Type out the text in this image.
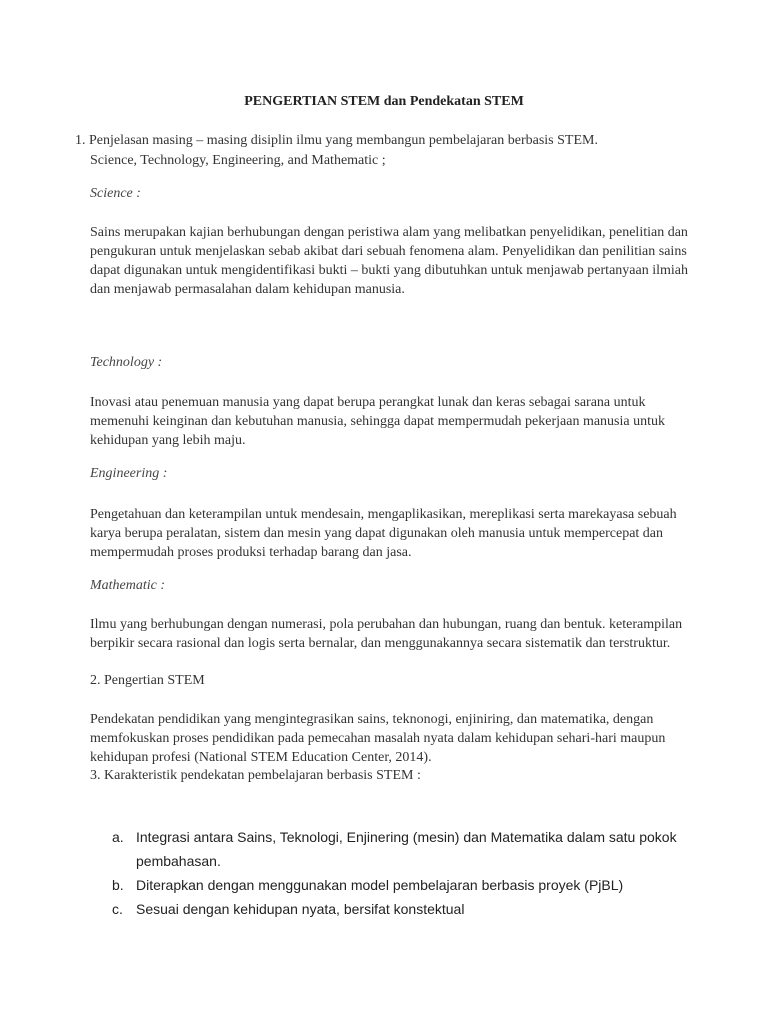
PENGERTIAN STEM dan Pendekatan STEM
1. Penjelasan masing – masing disiplin ilmu yang membangun pembelajaran berbasis STEM.
Science, Technology, Engineering, and Mathematic ;
Science :
Sains merupakan kajian berhubungan dengan peristiwa alam yang melibatkan penyelidikan, penelitian dan pengukuran untuk menjelaskan sebab akibat dari sebuah fenomena alam. Penyelidikan dan penilitian sains dapat digunakan untuk mengidentifikasi bukti – bukti yang dibutuhkan untuk menjawab pertanyaan ilmiah dan menjawab permasalahan dalam kehidupan manusia.
Technology :
Inovasi atau penemuan manusia yang dapat berupa perangkat lunak dan keras sebagai sarana untuk memenuhi keinginan dan kebutuhan manusia, sehingga dapat mempermudah pekerjaan manusia untuk kehidupan yang lebih maju.
Engineering :
Pengetahuan dan keterampilan untuk mendesain, mengaplikasikan, mereplikasi serta marekayasa sebuah karya berupa peralatan, sistem dan mesin yang dapat digunakan oleh manusia untuk mempercepat dan mempermudah proses produksi terhadap barang dan jasa.
Mathematic :
Ilmu yang berhubungan dengan numerasi, pola perubahan dan hubungan, ruang dan bentuk. keterampilan berpikir secara rasional dan logis serta bernalar, dan menggunakannya secara sistematik dan terstruktur.
2. Pengertian STEM
Pendekatan pendidikan yang mengintegrasikan sains, teknonogi, enjiniring, dan matematika, dengan memfokuskan proses pendidikan pada pemecahan masalah nyata dalam kehidupan sehari-hari maupun kehidupan profesi (National STEM Education Center, 2014).
3. Karakteristik pendekatan pembelajaran berbasis STEM :
a. Integrasi antara Sains, Teknologi, Enjinering (mesin) dan Matematika dalam satu pokok pembahasan.
b. Diterapkan dengan menggunakan model pembelajaran berbasis proyek (PjBL)
c. Sesuai dengan kehidupan nyata, bersifat konstektual
